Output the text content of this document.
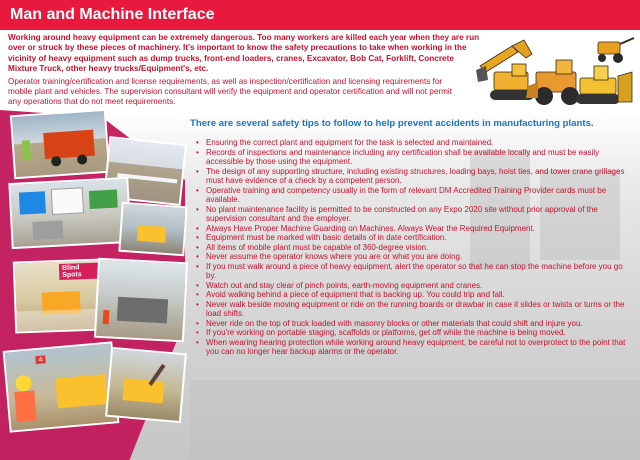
Man and Machine Interface
Working around heavy equipment can be extremely dangerous. Too many workers are killed each year when they are run over or struck by these pieces of machinery. It's important to know the safety precautions to take when working in the vicinity of heavy equipment such as dump trucks, front-end loaders, cranes, Excavator, Bob Cat, Forklift, Concrete Mixture Truck, other heavy trucks/Equipment's, etc.
Operator training/certification and license requirements, as well as inspection/certification and licensing requirements for mobile plant and vehicles. The supervision consultant will verify the equipment and operator certification and will not permit any operations that do not meet requirements.
There are several safety tips to follow to help prevent accidents in manufacturing plants.
• Ensuring the correct plant and equipment for the task is selected and maintained.
• Records of inspections and maintenance including any certification shall be available locally and must be easily accessible by those using the equipment.
• The design of any supporting structure, including existing structures, loading bays, hoist ties, and tower crane grillages must have evidence of a check by a competent person.
• Operative training and competency usually in the form of relevant DM Accredited Training Provider cards must be available.
• No plant maintenance facility is permitted to be constructed on any Expo 2020 site without prior approval of the supervision consultant and the employer.
• Always Have Proper Machine Guarding on Machines. Always Wear the Required Equipment.
• Equipment must be marked with basic details of in date certification.
• All items of mobile plant must be capable of 360-degree vision.
• Never assume the operator knows where you are or what you are doing.
• If you must walk around a piece of heavy equipment, alert the operator so that he can stop the machine before you go by.
• Watch out and stay clear of pinch points, earth-moving equipment and cranes.
• Avoid walking behind a piece of equipment that is backing up. You could trip and fall.
• Never walk beside moving equipment or ride on the running boards or drawbar in case it slides or twists or turns or the load shifts.
• Never ride on the top of truck loaded with masonry blocks or other materials that could shift and injure you.
• If you're working on portable staging, scaffolds or platforms, get off while the machine is being moved.
• When wearing hearing protection while working around heavy equipment, be careful not to overprotect to the point that you can no longer hear backup alarms or the operator.
Blind Spots
⚠
